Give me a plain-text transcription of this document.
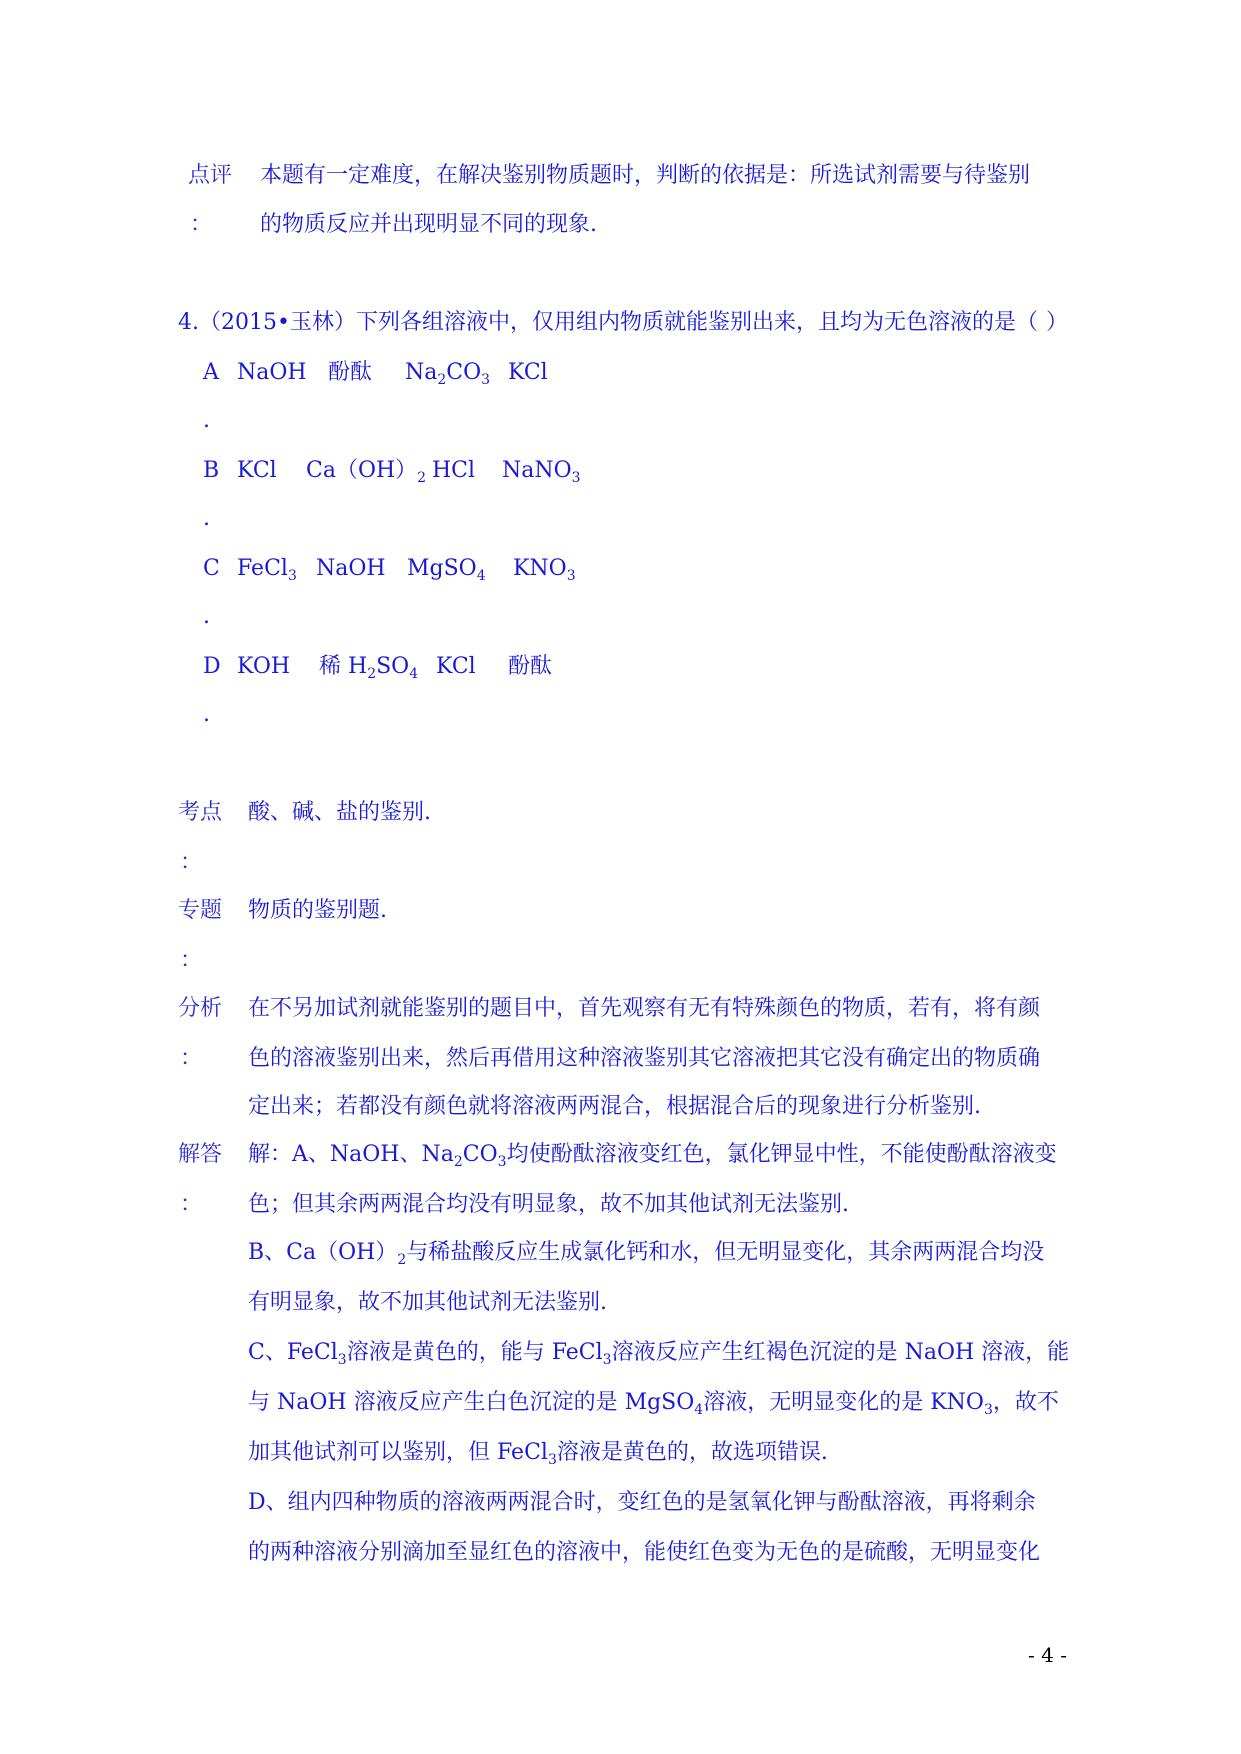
点评
：
本题有一定难度，在解决鉴别物质题时，判断的依据是：所选试剂需要与待鉴别
的物质反应并出现明显不同的现象.
4.（2015•玉林）下列各组溶液中，仅用组内物质就能鉴别出来，且均为无色溶液的是（ ）
A
.
NaOH 酚酞 $Na_2CO_3$ KCl
B
.
KCl $Ca(OH)_2$ HCl NaNO$_3$
C
.
FeCl$_3$ NaOH MgSO$_4$ $KNO_3$
D
.
KOH 稀 $H_2SO_4$ KCl 酚酞
考点
：
酸、碱、盐的鉴别.
专题
：
物质的鉴别题.
分析
：
在不另加试剂就能鉴别的题目中，首先观察有无有特殊颜色的物质，若有，将有颜
色的溶液鉴别出来，然后再借用这种溶液鉴别其它溶液把其它没有确定出的物质确
定出来；若都没有颜色就将溶液两两混合，根据混合后的现象进行分析鉴别.
解答
：
解：A、NaOH、$Na_2CO_3$均使酚酞溶液变红色，氯化钾显中性，不能使酚酞溶液变
色；但其余两两混合均没有明显象，故不加其他试剂无法鉴别.
B、$Ca(OH)_2$与稀盐酸反应生成氯化钙和水，但无明显变化，其余两两混合均没
有明显象，故不加其他试剂无法鉴别.
C、FeCl$_3$溶液是黄色的，能与 FeCl$_3$溶液反应产生红褐色沉淀的是 NaOH 溶液，能
与 NaOH 溶液反应产生白色沉淀的是 MgSO$_4$溶液，无明显变化的是 $KNO_3$，故不
加其他试剂可以鉴别，但 FeCl$_3$溶液是黄色的，故选项错误.
D、组内四种物质的溶液两两混合时，变红色的是氢氧化钾与酚酞溶液，再将剩余
的两种溶液分别滴加至显红色的溶液中，能使红色变为无色的是硫酸，无明显变化
- 4 -
